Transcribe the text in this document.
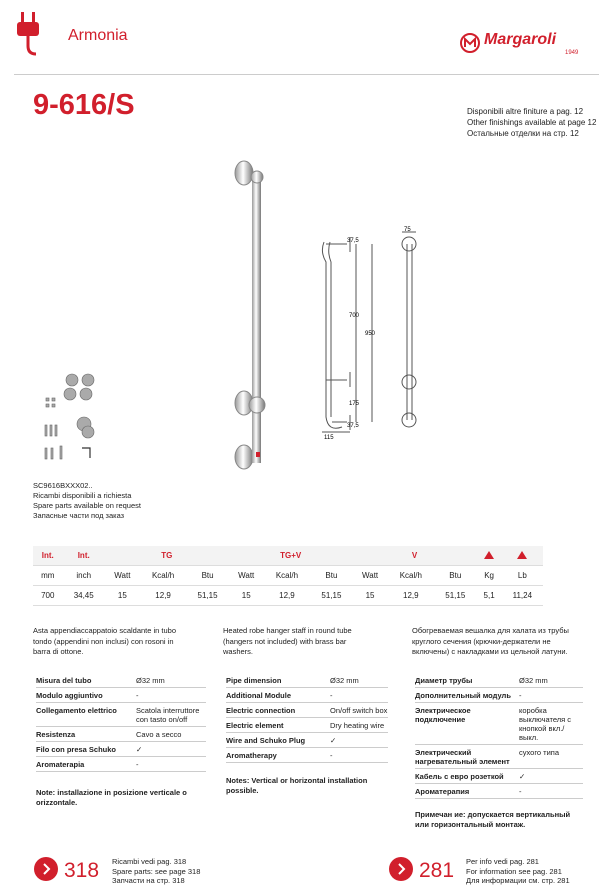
Armonia	Margaroli
1949
9-616/S	Disponibili altre finiture a pag. 12
Other finishings available at page 12
Остальные отделки на стр. 12
37,5
700
950
175
37,5
115
75
SC9616BXXX02..
Ricambi disponibili a richiesta
Spare parts available on request
Запасные части под заказ
Int.	Int.	TG			TG+V			V		
mm	inch	Watt	Kcal/h	Btu	Watt	Kcal/h	Btu	Watt	Kcal/h	Btu	Kg	Lb
700	34,45	15	12,9	51,15	15	12,9	51,15	15	12,9	51,15	5,1	11,24
Asta appendiaccappatoio scaldante in tubo tondo (appendini non inclusi) con rosoni in barra di ottone.
Misura del tubo	Ø32 mm
Modulo aggiuntivo	-
Collegamento elettrico	Scatola interruttore con tasto on/off
Resistenza	Cavo a secco
Filo con presa Schuko	✓
Aromaterapia	-
Note: installazione in posizione verticale o orizzontale.
Heated robe hanger staff in round tube (hangers not included) with brass bar washers.
Pipe dimension	Ø32 mm
Additional Module	-
Electric connection	On/off switch box
Electric element	Dry heating wire
Wire and Schuko Plug	✓
Aromatherapy	-
Notes: Vertical or horizontal installation possible.
Обогреваемая вешалка для халата из трубы круглого сечения (крючки-держатели не включены) с накладками из цельной латуни.
Диаметр трубы	Ø32 mm
Дополнительный модуль	-
Электрическое подключение	коробка выключателя с кнопкой вкл./выкл.
Электрический нагревательный элемент	сухого типа
Кабель с евро розеткой	✓
Ароматерапия	-
Примечан ие: допускается вертикальный или горизонтальный монтаж.
318 Ricambi vedi pag. 318
Spare parts: see page 318
Запчасти на стр. 318	281 Per info vedi pag. 281
For information see pag. 281
Для информации см. стр. 281
